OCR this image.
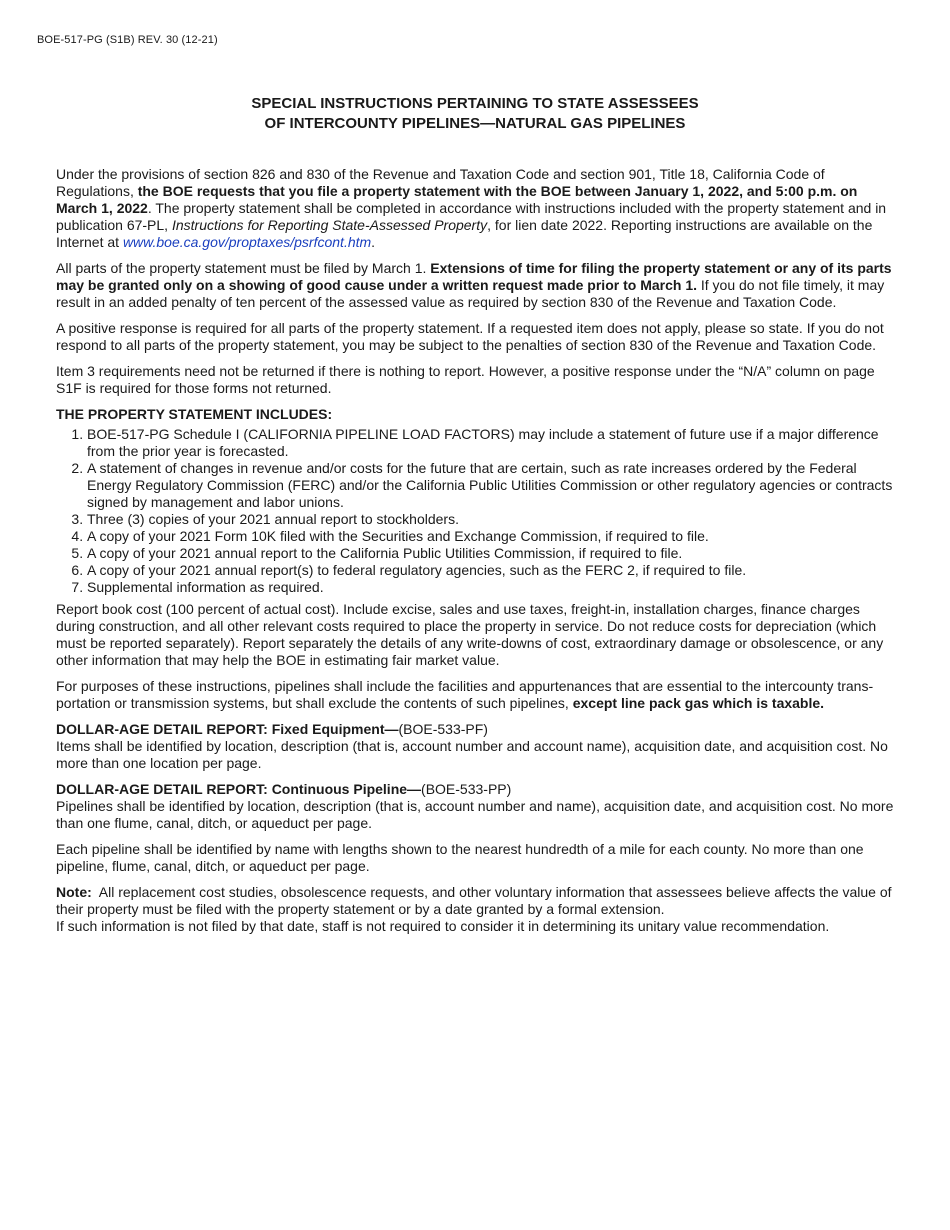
BOE-517-PG (S1B) REV. 30 (12-21)
SPECIAL INSTRUCTIONS PERTAINING TO STATE ASSESSEES
OF INTERCOUNTY PIPELINES—NATURAL GAS PIPELINES

Under the provisions of section 826 and 830 of the Revenue and Taxation Code and section 901, Title 18, California Code of Regulations, the BOE requests that you file a property statement with the BOE between January 1, 2022, and 5:00 p.m. on March 1, 2022. The property statement shall be completed in accordance with instructions included with the property statement and in publication 67-PL, Instructions for Reporting State-Assessed Property, for lien date 2022. Reporting instructions are available on the Internet at www.boe.ca.gov/proptaxes/psrfcont.htm.

All parts of the property statement must be filed by March 1. Extensions of time for filing the property statement or any of its parts may be granted only on a showing of good cause under a written request made prior to March 1. If you do not file timely, it may result in an added penalty of ten percent of the assessed value as required by section 830 of the Revenue and Taxation Code.

A positive response is required for all parts of the property statement. If a requested item does not apply, please so state. If you do not respond to all parts of the property statement, you may be subject to the penalties of section 830 of the Revenue and Taxation Code.

Item 3 requirements need not be returned if there is nothing to report. However, a positive response under the “N/A” column on page S1F is required for those forms not returned.

THE PROPERTY STATEMENT INCLUDES:
1. BOE-517-PG Schedule I (CALIFORNIA PIPELINE LOAD FACTORS) may include a statement of future use if a major difference from the prior year is forecasted.
2. A statement of changes in revenue and/or costs for the future that are certain, such as rate increases ordered by the Federal Energy Regulatory Commission (FERC) and/or the California Public Utilities Commission or other regulatory agencies or contracts signed by management and labor unions.
3. Three (3) copies of your 2021 annual report to stockholders.
4. A copy of your 2021 Form 10K filed with the Securities and Exchange Commission, if required to file.
5. A copy of your 2021 annual report to the California Public Utilities Commission, if required to file.
6. A copy of your 2021 annual report(s) to federal regulatory agencies, such as the FERC 2, if required to file.
7. Supplemental information as required.

Report book cost (100 percent of actual cost). Include excise, sales and use taxes, freight-in, installation charges, finance charges during construction, and all other relevant costs required to place the property in service. Do not reduce costs for depreciation (which must be reported separately). Report separately the details of any write-downs of cost, extraordinary damage or obsolescence, or any other information that may help the BOE in estimating fair market value.

For purposes of these instructions, pipelines shall include the facilities and appurtenances that are essential to the intercounty trans-portation or transmission systems, but shall exclude the contents of such pipelines, except line pack gas which is taxable.

DOLLAR-AGE DETAIL REPORT: Fixed Equipment—(BOE-533-PF)

Items shall be identified by location, description (that is, account number and account name), acquisition date, and acquisition cost. No more than one location per page.

DOLLAR-AGE DETAIL REPORT: Continuous Pipeline—(BOE-533-PP)

Pipelines shall be identified by location, description (that is, account number and name), acquisition date, and acquisition cost. No more than one flume, canal, ditch, or aqueduct per page.

Each pipeline shall be identified by name with lengths shown to the nearest hundredth of a mile for each county. No more than one pipeline, flume, canal, ditch, or aqueduct per page.

Note:  All replacement cost studies, obsolescence requests, and other voluntary information that assessees believe affects the value of their property must be filed with the property statement or by a date granted by a formal extension.
If such information is not filed by that date, staff is not required to consider it in determining its unitary value recommendation.
